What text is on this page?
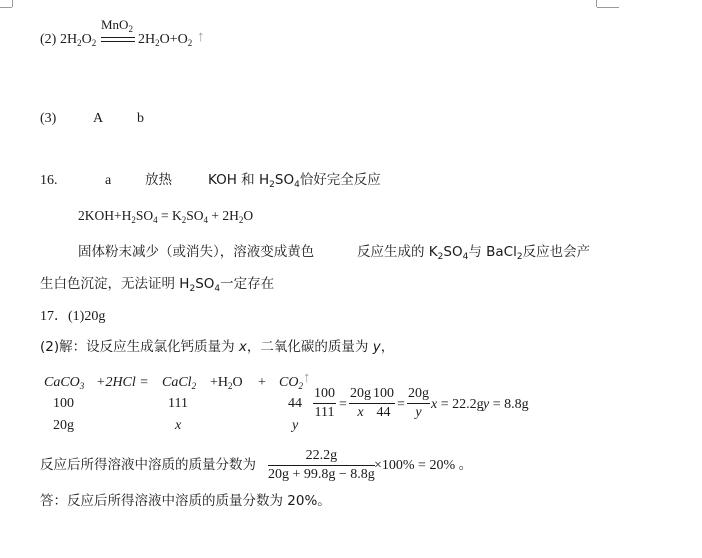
(2) $2H_2O_2$
MnO$_2$
$2H_2O+O_2$ ↑
(3)	A b
16.	a	放热	KOH 和 $H_2SO_4$恰好完全反应
$2KOH+H_2SO_4 = K_2SO_4 + 2H_2O$
固体粉末减少（或消失），溶液变成黄色	反应生成的 $K_2SO_4$与 BaCl$_2$反应也会产
生白色沉淀，无法证明 $H_2SO_4$一定存在
17．(1)20g
(2)解：设反应生成氯化钙质量为 x，二氧化碳的质量为 y，
CaCO$_3$ +2HCl = CaCl$_2$ $+H_2O + CO_2$ ↑
100	111	44
20g	x	y
$\frac{100}{111} = \frac{20g}{x} \frac{100}{44} = \frac{20g}{y}$ x = 22.2g y = 8.8g
反应后所得溶液中溶质的质量分数为 $\frac{22.2g}{20g + 99.8g - 8.8g} \times 100\% = 20\%$ 。
答：反应后所得溶液中溶质的质量分数为 20%。
